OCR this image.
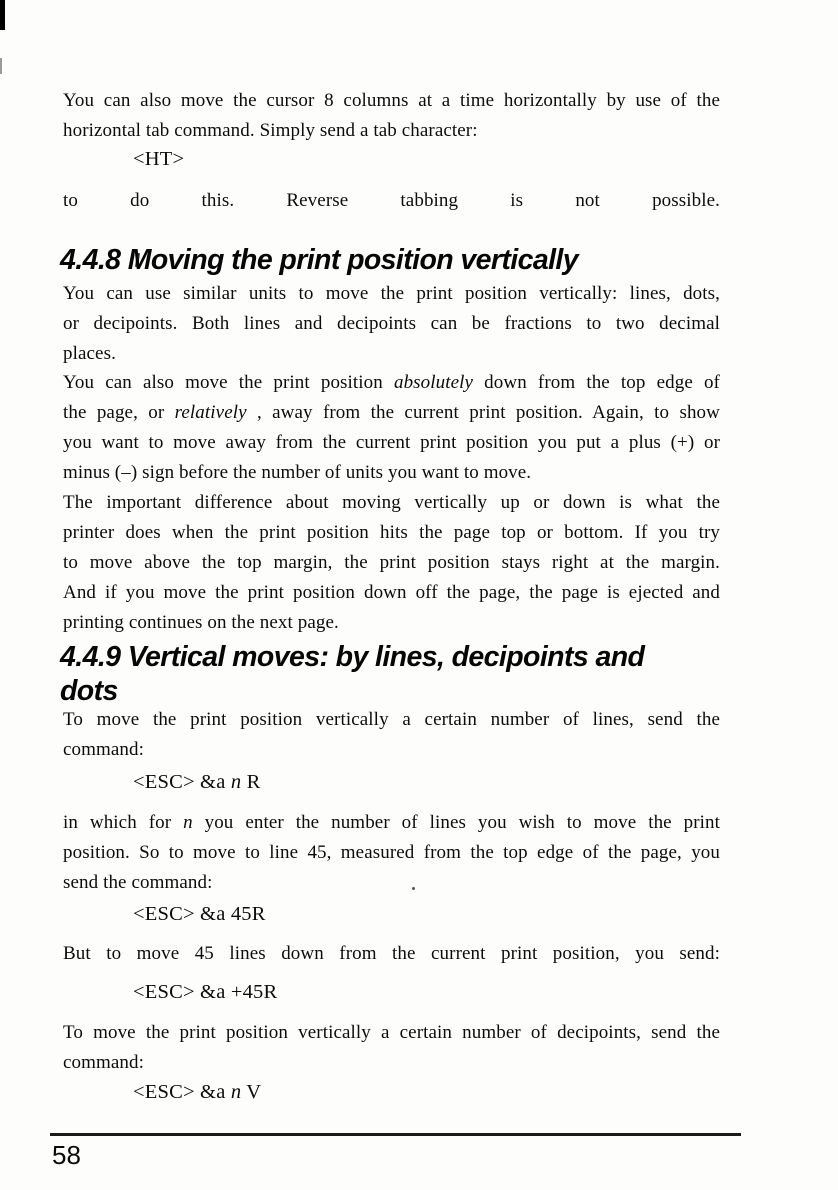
You can also move the cursor 8 columns at a time horizontally by use of the
horizontal tab command. Simply send a tab character:
<HT>
to do this. Reverse tabbing is not possible.
4.4.8 Moving the print position vertically
You can use similar units to move the print position vertically: lines, dots,
or decipoints. Both lines and decipoints can be fractions to two decimal
places.
You can also move the print position absolutely down from the top edge of
the page, or relatively , away from the current print position. Again, to show
you want to move away from the current print position you put a plus (+) or
minus (–) sign before the number of units you want to move.
The important difference about moving vertically up or down is what the
printer does when the print position hits the page top or bottom. If you try
to move above the top margin, the print position stays right at the margin.
And if you move the print position down off the page, the page is ejected and
printing continues on the next page.
4.4.9 Vertical moves: by lines, decipoints and
dots
To move the print position vertically a certain number of lines, send the
command:
<ESC> &a n R
in which for n you enter the number of lines you wish to move the print
position. So to move to line 45, measured from the top edge of the page, you
send the command:
<ESC> &a 45R
But to move 45 lines down from the current print position, you send:
<ESC> &a +45R
To move the print position vertically a certain number of decipoints, send the
command:
<ESC> &a n V
58
